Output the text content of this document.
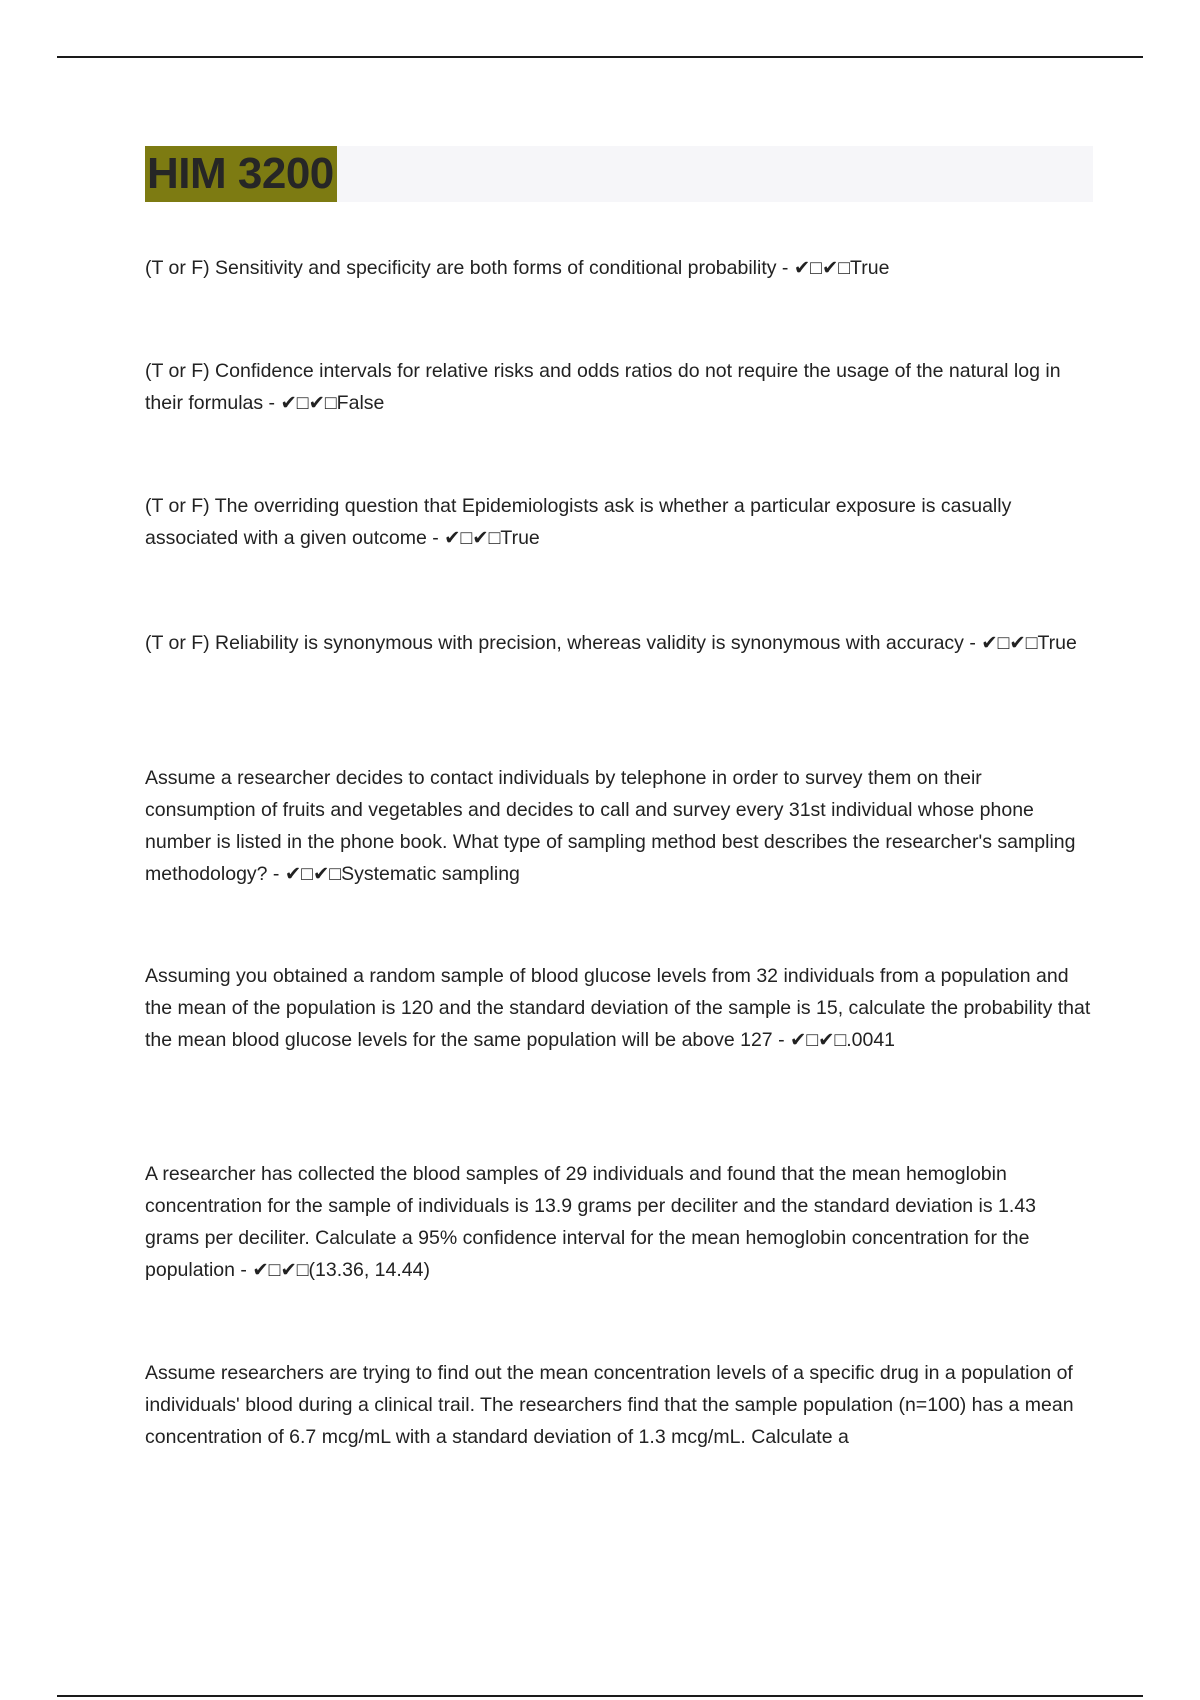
HIM 3200

(T or F) Sensitivity and specificity are both forms of conditional probability - ✔□✔□True

(T or F) Confidence intervals for relative risks and odds ratios do not require the usage of the natural log in their formulas - ✔□✔□False

(T or F) The overriding question that Epidemiologists ask is whether a particular exposure is casually associated with a given outcome - ✔□✔□True

(T or F) Reliability is synonymous with precision, whereas validity is synonymous with accuracy - ✔□✔□True

Assume a researcher decides to contact individuals by telephone in order to survey them on their consumption of fruits and vegetables and decides to call and survey every 31st individual whose phone number is listed in the phone book. What type of sampling method best describes the researcher's sampling methodology? - ✔□✔□Systematic sampling

Assuming you obtained a random sample of blood glucose levels from 32 individuals from a population and the mean of the population is 120 and the standard deviation of the sample is 15, calculate the probability that the mean blood glucose levels for the same population will be above 127 - ✔□✔□.0041

A researcher has collected the blood samples of 29 individuals and found that the mean hemoglobin concentration for the sample of individuals is 13.9 grams per deciliter and the standard deviation is 1.43 grams per deciliter. Calculate a 95% confidence interval for the mean hemoglobin concentration for the population - ✔□✔□(13.36, 14.44)

Assume researchers are trying to find out the mean concentration levels of a specific drug in a population of individuals' blood during a clinical trail. The researchers find that the sample population (n=100) has a mean concentration of 6.7 mcg/mL with a standard deviation of 1.3 mcg/mL. Calculate a
